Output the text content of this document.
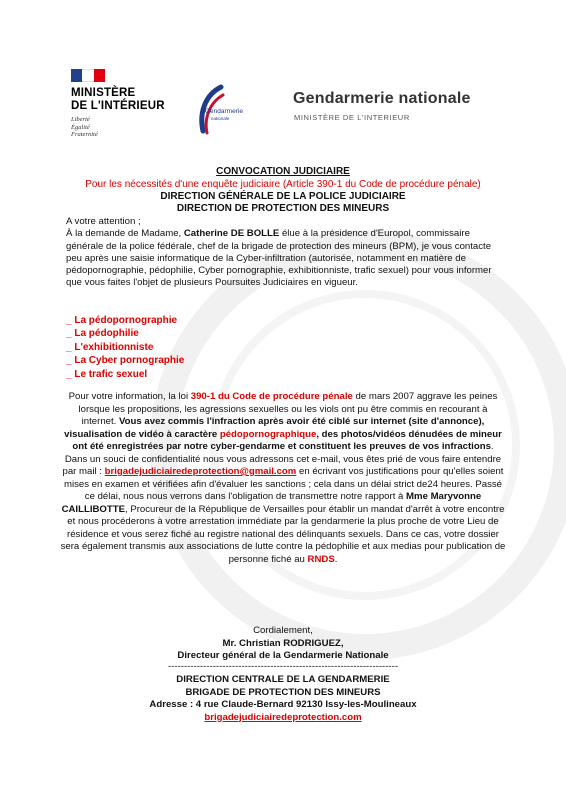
MINISTÈRE
DE L'INTÉRIEUR
Liberté
Égalité
Fraternité
Gendarmerie
nationale
Gendarmerie nationale
MINISTÈRE DE L'INTERIEUR
CONVOCATION JUDICIAIRE
Pour les nécessités d'une enquête judiciaire (Article 390-1 du Code de procédure pénale)
DIRECTION GÉNÉRALE DE LA POLICE JUDICIAIRE
DIRECTION DE PROTECTION DES MINEURS

A votre attention ;

À la demande de Madame, Catherine DE BOLLE élue à la présidence d'Europol, commissaire générale de la police fédérale, chef de la brigade de protection des mineurs (BPM), je vous contacte peu après une saisie informatique de la Cyber-infiltration (autorisée, notamment en matière de pédopornographie, pédophilie, Cyber pornographie, exhibitionniste, trafic sexuel) pour vous informer que vous faites l'objet de plusieurs Poursuites Judiciaires en vigueur.

_ La pédopornographie
_ La pédophilie
_ L'exhibitionniste
_ La Cyber pornographie
_ Le trafic sexuel
Pour votre information, la loi 390-1 du Code de procédure pénale de mars 2007 aggrave les peines lorsque les propositions, les agressions sexuelles ou les viols ont pu être commis en recourant à internet. Vous avez commis l'infraction après avoir été ciblé sur internet (site d'annonce), visualisation de vidéo à caractère pédopornographique, des photos/vidéos dénudées de mineur ont été enregistrées par notre cyber-gendarme et constituent les preuves de vos infractions. Dans un souci de confidentialité nous vous adressons cet e-mail, vous êtes prié de vous faire entendre par mail : brigadejudiciairedeprotection@gmail.com en écrivant vos justifications pour qu'elles soient mises en examen et vérifiées afin d'évaluer les sanctions ; cela dans un délai strict de24 heures. Passé ce délai, nous nous verrons dans l'obligation de transmettre notre rapport à Mme Maryvonne CAILLIBOTTE, Procureur de la République de Versailles pour établir un mandat d'arrêt à votre encontre et nous procéderons à votre arrestation immédiate par la gendarmerie la plus proche de votre Lieu de résidence et vous serez fiché au registre national des délinquants sexuels. Dans ce cas, votre dossier sera également transmis aux associations de lutte contre la pédophilie et aux medias pour publication de personne fiché au RNDS.
Cordialement,
Mr. Christian RODRIGUEZ,
Directeur général de la Gendarmerie Nationale
------------------------------------------------------------------------
DIRECTION CENTRALE DE LA GENDARMERIE
BRIGADE DE PROTECTION DES MINEURS
Adresse : 4 rue Claude-Bernard 92130 Issy-les-Moulineaux
brigadejudiciairedeprotection.com
